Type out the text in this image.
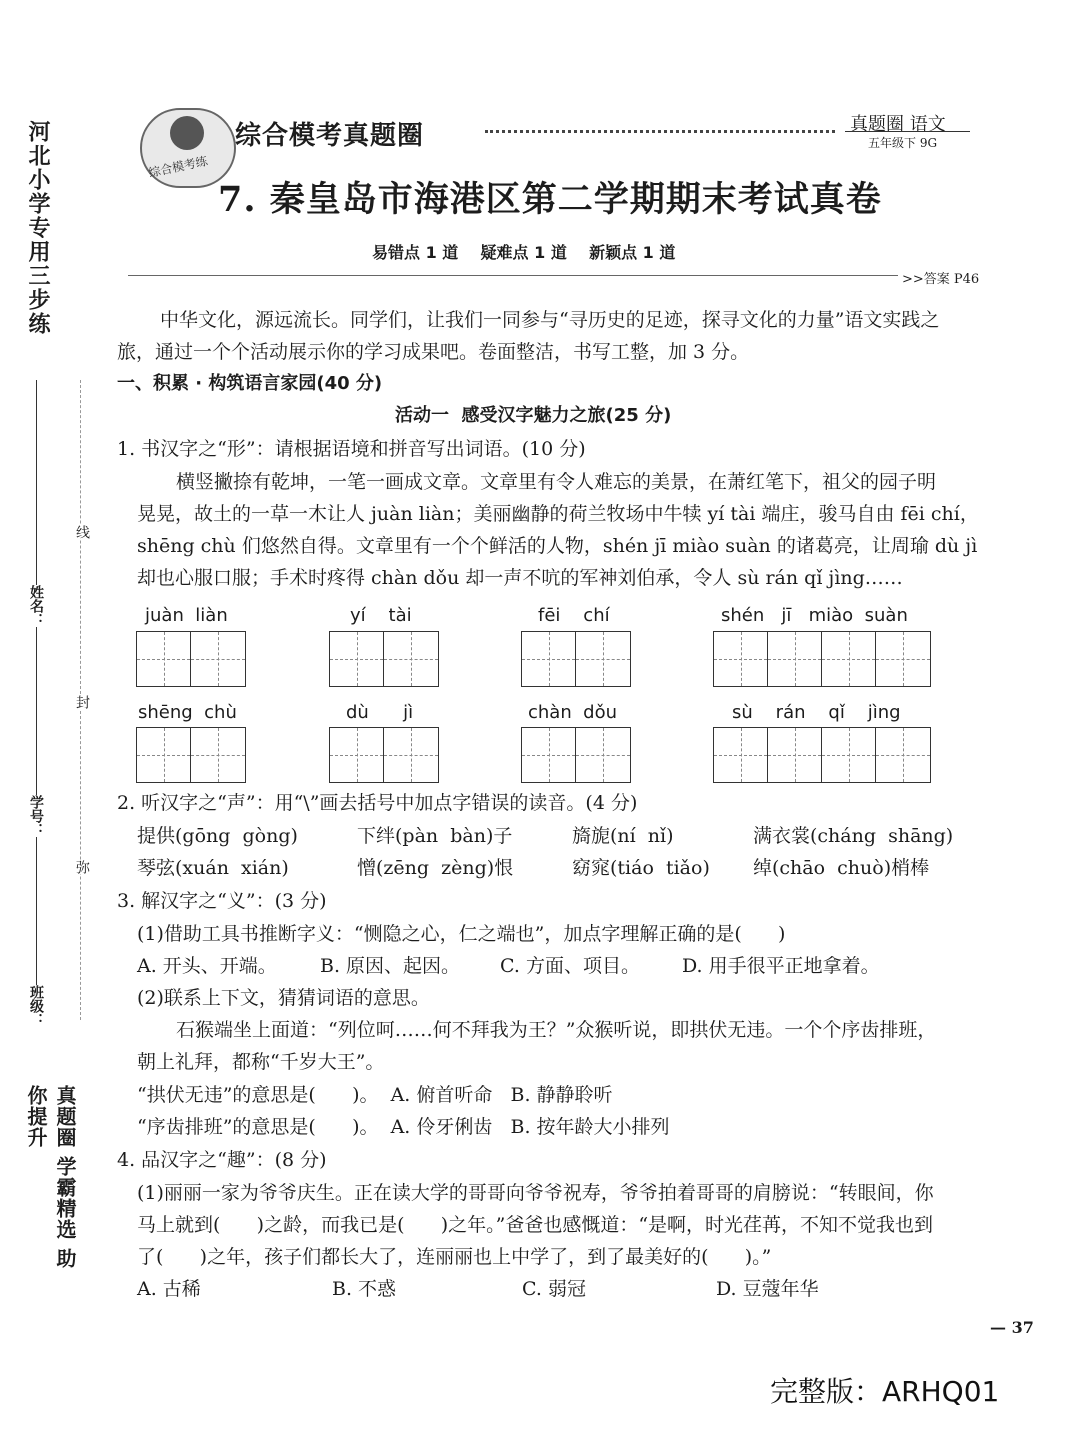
河北小学专用三步练
姓名：
学号：
班级：
线
封
弥
真题圈 学霸精选 助你提升
综合模考练
综合模考真题圈	真题圈 语文
五年级下 9G
7. 秦皇岛市海港区第二学期期末考试真卷
易错点 1 道    疑难点 1 道    新颖点 1 道
>>答案 P46
中华文化，源远流长。同学们，让我们一同参与“寻历史的足迹，探寻文化的力量”语文实践之
旅，通过一个个活动展示你的学习成果吧。卷面整洁，书写工整，加 3 分。
一、积累 · 构筑语言家园(40 分)
活动一  感受汉字魅力之旅(25 分)
1. 书汉字之“形”：请根据语境和拼音写出词语。(10 分)
横竖撇捺有乾坤，一笔一画成文章。文章里有令人难忘的美景，在萧红笔下，祖父的园子明
晃晃，故土的一草一木让人 juàn liàn；美丽幽静的荷兰牧场中牛犊 yí tài 端庄，骏马自由 fēi chí，
shēng chù 们悠然自得。文章里有一个个鲜活的人物，shén jī miào suàn 的诸葛亮，让周瑜 dù jì
却也心服口服；手术时疼得 chàn dǒu 却一声不吭的军神刘伯承，令人 sù rán qǐ jìng……
juàn  liàn	yí    tài	fēi    chí	shén   jī   miào  suàn
shēng  chù	dù      jì	chàn  dǒu	sù    rán    qǐ    jìng
2. 听汉字之“声”：用“\”画去括号中加点字错误的读音。(4 分)
提供(gōng  gòng)	下绊(pàn  bàn)子	旖旎(ní  nǐ)	满衣裳(cháng  shāng)
琴弦(xuán  xián)	憎(zēng  zèng)恨	窈窕(tiáo  tiǎo) 绰(chāo  chuò)梢棒
3. 解汉字之“义”：(3 分)
(1)借助工具书推断字义：“恻隐之心，仁之端也”，加点字理解正确的是(      )
A. 开头、开端。 B. 原因、起因。 C. 方面、项目。 D. 用手很平正地拿着。
(2)联系上下文，猜猜词语的意思。
石猴端坐上面道：“列位呵……何不拜我为王？”众猴听说，即拱伏无违。一个个序齿排班，
朝上礼拜，都称“千岁大王”。
“拱伏无违”的意思是(      )。  A. 俯首听命   B. 静静聆听
“序齿排班”的意思是(      )。  A. 伶牙俐齿   B. 按年龄大小排列
4. 品汉字之“趣”：(8 分)
(1)丽丽一家为爷爷庆生。正在读大学的哥哥向爷爷祝寿，爷爷拍着哥哥的肩膀说：“转眼间，你
马上就到(      )之龄，而我已是(      )之年。”爸爸也感慨道：“是啊，时光荏苒，不知不觉我也到
了(      )之年，孩子们都长大了，连丽丽也上中学了，到了最美好的(      )。”
A. 古稀	B. 不惑	C. 弱冠	D. 豆蔻年华
— 37
完整版：ARHQ01
